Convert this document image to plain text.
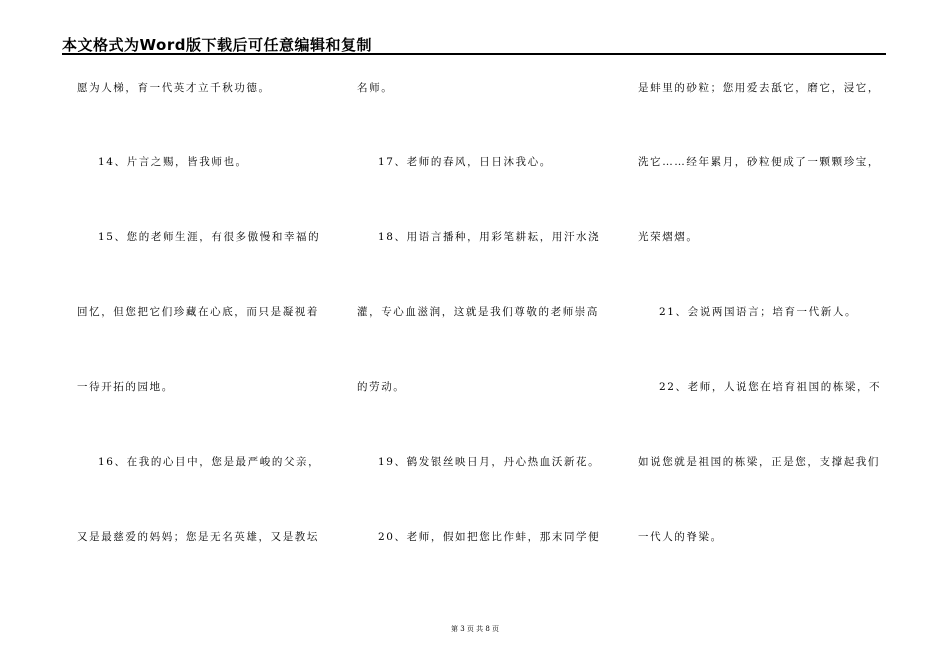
本文格式为Word版下载后可任意编辑和复制
愿为人梯，育一代英才立千秋功德。
14、片言之赐，皆我师也。
15、您的老师生涯，有很多傲慢和幸福的
回忆，但您把它们珍藏在心底，而只是凝视着
一待开拓的园地。
16、在我的心目中，您是最严峻的父亲，
又是最慈爱的妈妈；您是无名英雄，又是教坛
名师。
17、老师的春风，日日沐我心。
18、用语言播种，用彩笔耕耘，用汗水浇
灌，专心血滋润，这就是我们尊敬的老师崇高
的劳动。
19、鹤发银丝映日月，丹心热血沃新花。
20、老师，假如把您比作蚌，那末同学便
是蚌里的砂粒；您用爱去舐它，磨它，浸它，
洗它……经年累月，砂粒便成了一颗颗珍宝，
光荣熠熠。
21、会说两国语言；培育一代新人。
22、老师，人说您在培育祖国的栋梁，不
如说您就是祖国的栋梁，正是您，支撑起我们
一代人的脊梁。
第 3 页 共 8 页
